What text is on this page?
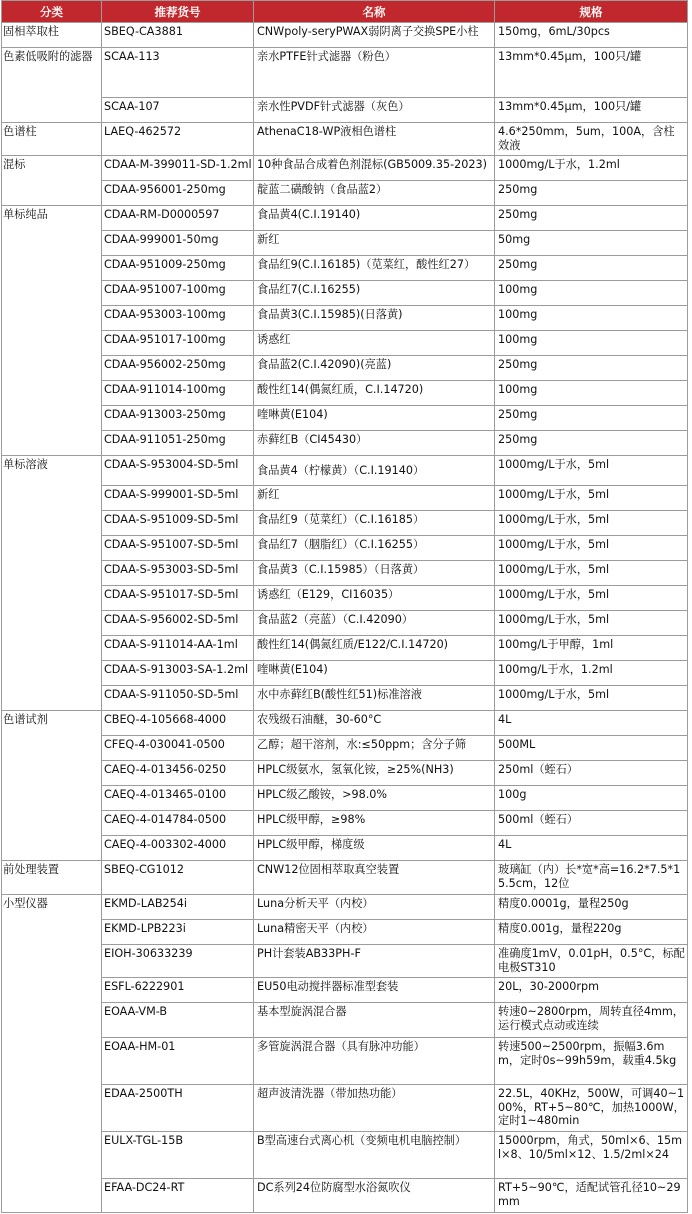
分类	推荐货号	名称	规格
固相萃取柱	SBEQ-CA3881	CNWpoly-seryPWAX弱阴离子交换SPE小柱	150mg，6mL/30pcs
色素低吸附的滤器	SCAA-113	亲水PTFE针式滤器（粉色）	13mm*0.45μm，100只/罐
	SCAA-107	亲水性PVDF针式滤器（灰色）	13mm*0.45μm，100只/罐
色谱柱	LAEQ-462572	AthenaC18-WP液相色谱柱	4.6*250mm，5um，100A，含柱效液
混标	CDAA-M-399011-SD-1.2ml	10种食品合成着色剂混标(GB5009.35-2023)	1000mg/L于水，1.2ml
	CDAA-956001-250mg	靛蓝二磺酸钠（食品蓝2）	250mg
单标纯品	CDAA-RM-D0000597	食品黄4(C.I.19140)	250mg
	CDAA-999001-50mg	新红	50mg
	CDAA-951009-250mg	食品红9(C.I.16185)（苋菜红，酸性红27）	250mg
	CDAA-951007-100mg	食品红7(C.I.16255)	100mg
	CDAA-953003-100mg	食品黄3(C.I.15985)(日落黄)	100mg
	CDAA-951017-100mg	诱惑红	100mg
	CDAA-956002-250mg	食品蓝2(C.I.42090)(亮蓝)	250mg
	CDAA-911014-100mg	酸性红14(偶氮红质，C.I.14720)	100mg
	CDAA-913003-250mg	喹啉黄(E104)	250mg
	CDAA-911051-250mg	赤藓红B（CI45430）	250mg
单标溶液	CDAA-S-953004-SD-5ml	食品黄4（柠檬黄）（C.I.19140）	1000mg/L于水，5ml
	CDAA-S-999001-SD-5ml	新红	1000mg/L于水，5ml
	CDAA-S-951009-SD-5ml	食品红9（苋菜红）（C.I.16185）	1000mg/L于水，5ml
	CDAA-S-951007-SD-5ml	食品红7（胭脂红）（C.I.16255）	1000mg/L于水，5ml
	CDAA-S-953003-SD-5ml	食品黄3（C.I.15985）（日落黄）	1000mg/L于水，5ml
	CDAA-S-951017-SD-5ml	诱惑红（E129，CI16035）	1000mg/L于水，5ml
	CDAA-S-956002-SD-5ml	食品蓝2（亮蓝）（C.I.42090）	1000mg/L于水，5ml
	CDAA-S-911014-AA-1ml	酸性红14(偶氮红质/E122/C.I.14720)	100mg/L于甲醇，1ml
	CDAA-S-913003-SA-1.2ml	喹啉黄(E104)	100mg/L于水，1.2ml
	CDAA-S-911050-SD-5ml	水中赤藓红B(酸性红51)标准溶液	1000mg/L于水，5ml
色谱试剂	CBEQ-4-105668-4000	农残级石油醚，30-60°C	4L
	CFEQ-4-030041-0500	乙醇；超干溶剂，水:≤50ppm；含分子筛	500ML
	CAEQ-4-013456-0250	HPLC级氨水，氢氧化铵，≥25%(NH3)	250ml（蛭石）
	CAEQ-4-013465-0100	HPLC级乙酸铵，>98.0%	100g
	CAEQ-4-014784-0500	HPLC级甲醇，≥98%	500ml（蛭石）
	CAEQ-4-003302-4000	HPLC级甲醇，梯度级	4L
前处理装置	SBEQ-CG1012	CNW12位固相萃取真空装置	玻璃缸（内）长*宽*高=16.2*7.5*15.5cm，12位
小型仪器	EKMD-LAB254i	Luna分析天平（内校）	精度0.0001g，量程250g
	EKMD-LPB223i	Luna精密天平（内校）	精度0.001g，量程220g
	EIOH-30633239	PH计套装AB33PH-F	准确度1mV，0.01pH，0.5°C，标配电极ST310
	ESFL-6222901	EU50电动搅拌器标准型套装	20L，30-2000rpm
	EOAA-VM-B	基本型旋涡混合器	转速0~2800rpm，周转直径4mm，运行模式点动或连续
	EOAA-HM-01	多管旋涡混合器（具有脉冲功能）	转速500~2500rpm，振幅3.6mm，定时0s~99h59m，载重4.5kg
	EDAA-2500TH	超声波清洗器（带加热功能）	22.5L，40KHz，500W，可调40~100%，RT+5~80℃，加热1000W，定时1~480min
	EULX-TGL-15B	B型高速台式离心机（变频电机电脑控制）	15000rpm，角式，50ml×6、15ml×8、10/5ml×12、1.5/2ml×24
	EFAA-DC24-RT	DC系列24位防腐型水浴氮吹仪	RT+5~90℃，适配试管孔径10~29mm
